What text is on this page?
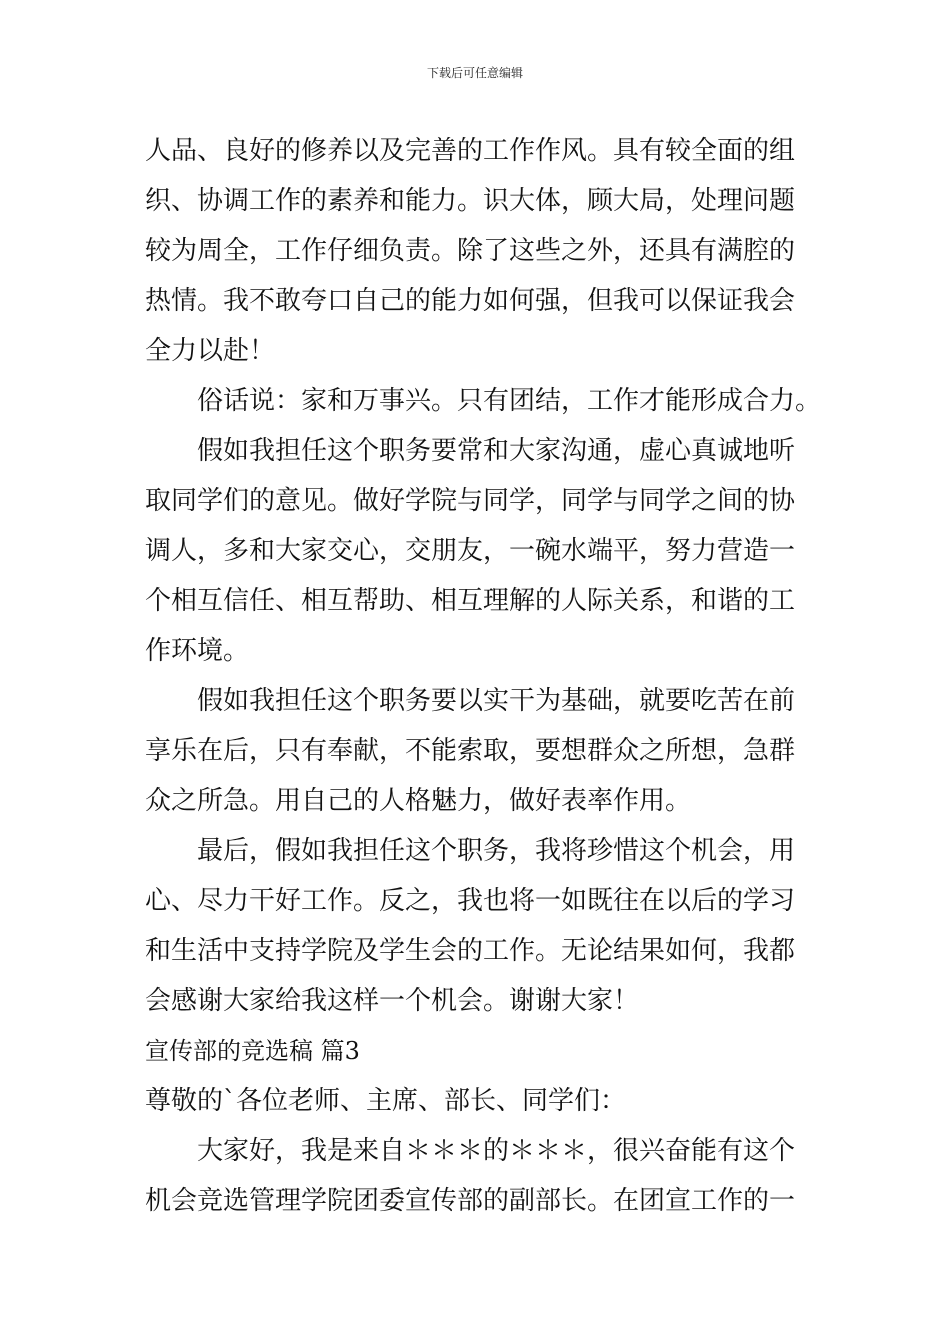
下载后可任意编辑
人品、良好的修养以及完善的工作作风。具有较全面的组
织、协调工作的素养和能力。识大体，顾大局，处理问题
较为周全，工作仔细负责。除了这些之外，还具有满腔的
热情。我不敢夸口自己的能力如何强，但我可以保证我会
全力以赴！
俗话说：家和万事兴。只有团结，工作才能形成合力。
假如我担任这个职务要常和大家沟通，虚心真诚地听
取同学们的意见。做好学院与同学，同学与同学之间的协
调人，多和大家交心，交朋友，一碗水端平，努力营造一
个相互信任、相互帮助、相互理解的人际关系，和谐的工
作环境。
假如我担任这个职务要以实干为基础，就要吃苦在前
享乐在后，只有奉献，不能索取，要想群众之所想，急群
众之所急。用自己的人格魅力，做好表率作用。
最后，假如我担任这个职务，我将珍惜这个机会，用
心、尽力干好工作。反之，我也将一如既往在以后的学习
和生活中支持学院及学生会的工作。无论结果如何，我都
会感谢大家给我这样一个机会。谢谢大家！
宣传部的竞选稿 篇3
尊敬的`各位老师、主席、部长、同学们：
大家好，我是来自＊＊＊的＊＊＊，很兴奋能有这个
机会竞选管理学院团委宣传部的副部长。在团宣工作的一
